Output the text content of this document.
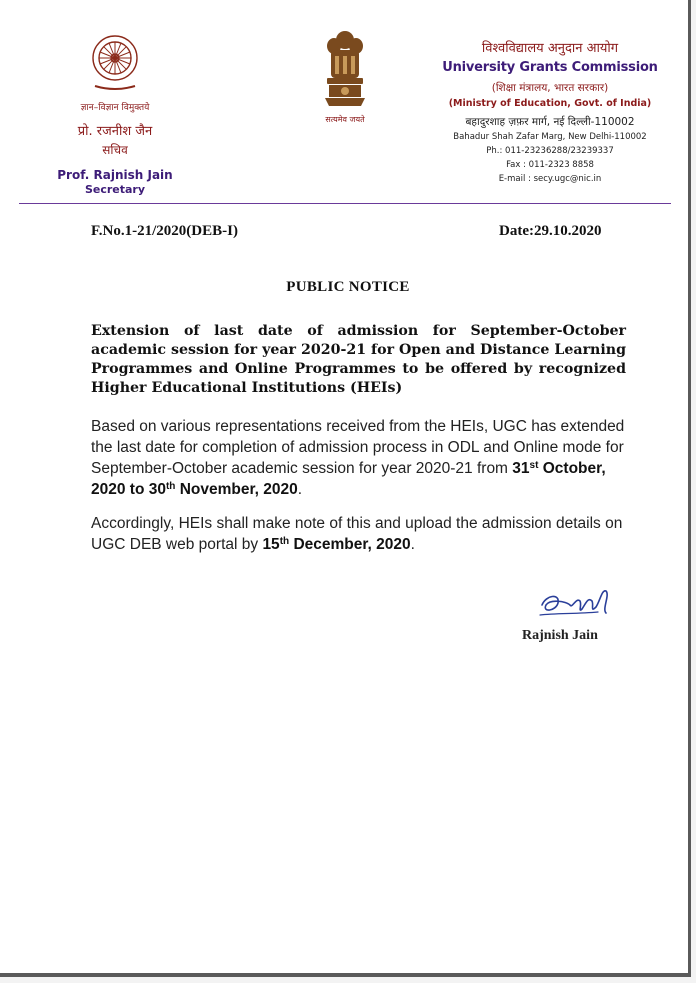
ज्ञान–विज्ञान विमुक्तये
प्रो. रजनीश जैन
सचिव
Prof. Rajnish Jain
Secretary
सत्यमेव जयते
विश्वविद्यालय अनुदान आयोग
University Grants Commission
(शिक्षा मंत्रालय, भारत सरकार)
(Ministry of Education, Govt. of India)
बहादुरशाह ज़फ़र मार्ग, नई दिल्ली-110002
Bahadur Shah Zafar Marg, New Delhi-110002
Ph.: 011-23236288/23239337
Fax : 011-2323 8858
E-mail : secy.ugc@nic.in
F.No.1-21/2020(DEB-I)	Date:29.10.2020
PUBLIC NOTICE
Extension of last date of admission for September-October academic session for year 2020-21 for Open and Distance Learning Programmes and Online Programmes to be offered by recognized Higher Educational Institutions (HEIs)
Based on various representations received from the HEIs, UGC has extended the last date for completion of admission process in ODL and Online mode for September-October academic session for year 2020-21 from 31st October, 2020 to 30th November, 2020.
Accordingly, HEIs shall make note of this and upload the admission details on UGC DEB web portal by 15th December, 2020.
Rajnish Jain
